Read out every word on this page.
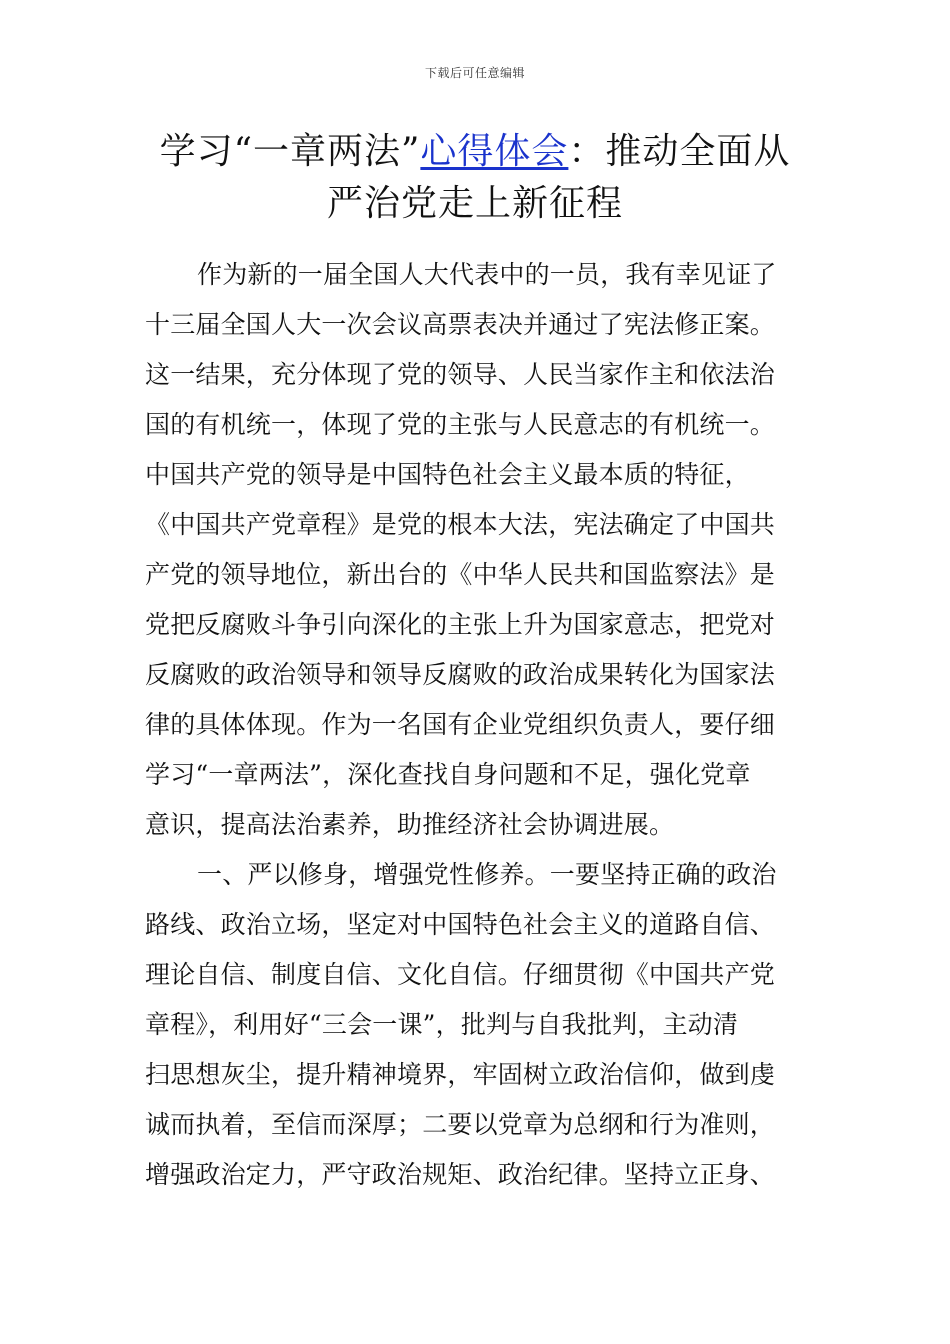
下载后可任意编辑
学习“一章两法”心得体会：推动全面从
严治党走上新征程
作为新的一届全国人大代表中的一员，我有幸见证了
十三届全国人大一次会议高票表决并通过了宪法修正案。
这一结果，充分体现了党的领导、人民当家作主和依法治
国的有机统一，体现了党的主张与人民意志的有机统一。
中国共产党的领导是中国特色社会主义最本质的特征，
《中国共产党章程》是党的根本大法，宪法确定了中国共
产党的领导地位，新出台的《中华人民共和国监察法》是
党把反腐败斗争引向深化的主张上升为国家意志，把党对
反腐败的政治领导和领导反腐败的政治成果转化为国家法
律的具体体现。作为一名国有企业党组织负责人，要仔细
学习“一章两法”，深化查找自身问题和不足，强化党章
意识，提高法治素养，助推经济社会协调进展。
一、严以修身，增强党性修养。一要坚持正确的政治
路线、政治立场，坚定对中国特色社会主义的道路自信、
理论自信、制度自信、文化自信。仔细贯彻《中国共产党
章程》，利用好“三会一课”，批判与自我批判，主动清
扫思想灰尘，提升精神境界，牢固树立政治信仰，做到虔
诚而执着，至信而深厚；二要以党章为总纲和行为准则，
增强政治定力，严守政治规矩、政治纪律。坚持立正身、
